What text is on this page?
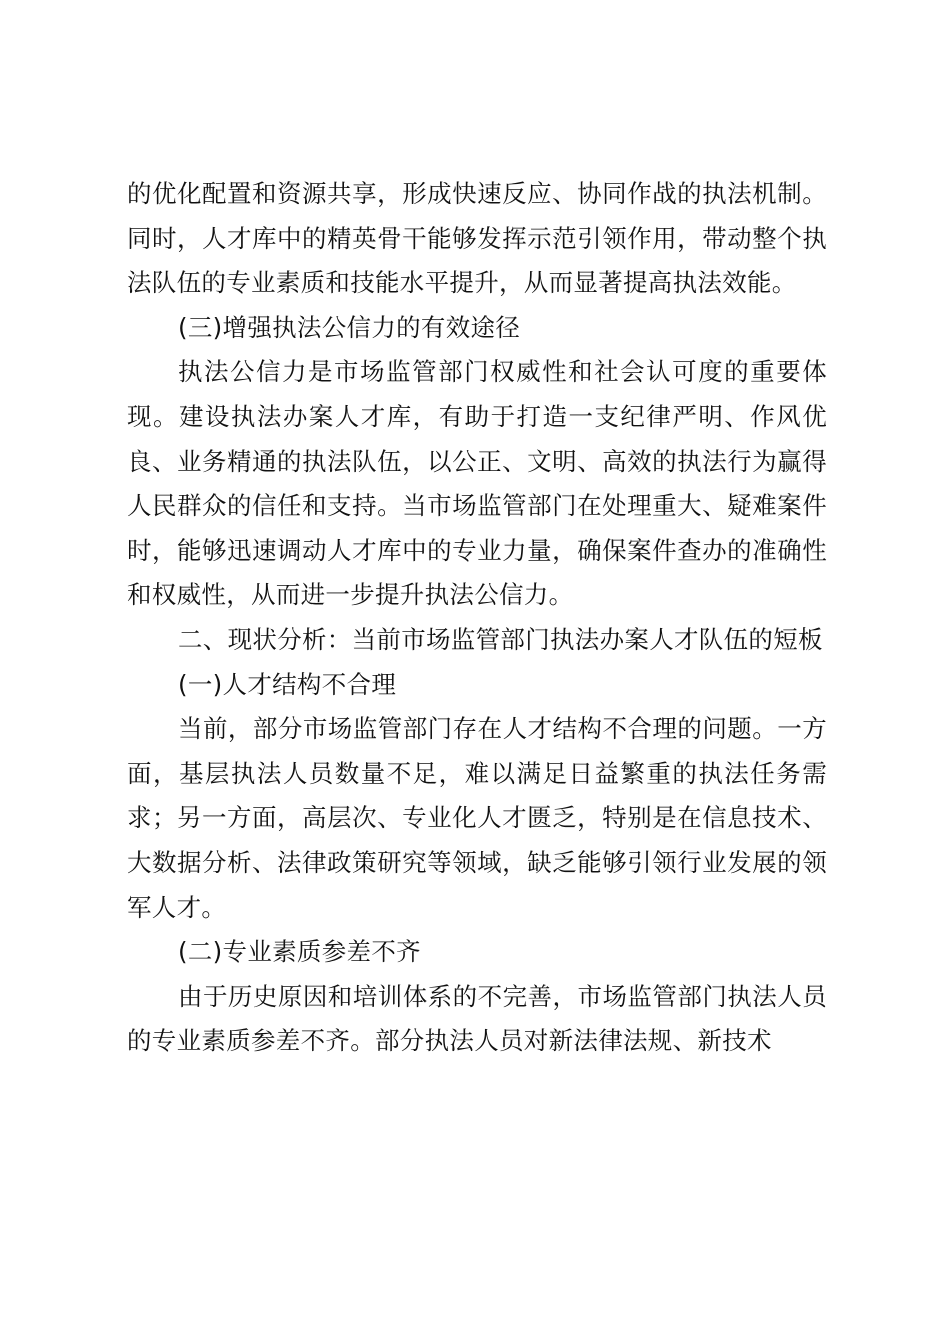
的优化配置和资源共享，形成快速反应、协同作战的执法机制。同时，人才库中的精英骨干能够发挥示范引领作用，带动整个执法队伍的专业素质和技能水平提升，从而显著提高执法效能。

(三)增强执法公信力的有效途径

执法公信力是市场监管部门权威性和社会认可度的重要体现。建设执法办案人才库，有助于打造一支纪律严明、作风优良、业务精通的执法队伍，以公正、文明、高效的执法行为赢得人民群众的信任和支持。当市场监管部门在处理重大、疑难案件时，能够迅速调动人才库中的专业力量，确保案件查办的准确性和权威性，从而进一步提升执法公信力。

二、现状分析：当前市场监管部门执法办案人才队伍的短板

(一)人才结构不合理

当前，部分市场监管部门存在人才结构不合理的问题。一方面，基层执法人员数量不足，难以满足日益繁重的执法任务需求；另一方面，高层次、专业化人才匮乏，特别是在信息技术、大数据分析、法律政策研究等领域，缺乏能够引领行业发展的领军人才。

(二)专业素质参差不齐

由于历史原因和培训体系的不完善，市场监管部门执法人员的专业素质参差不齐。部分执法人员对新法律法规、新技术
